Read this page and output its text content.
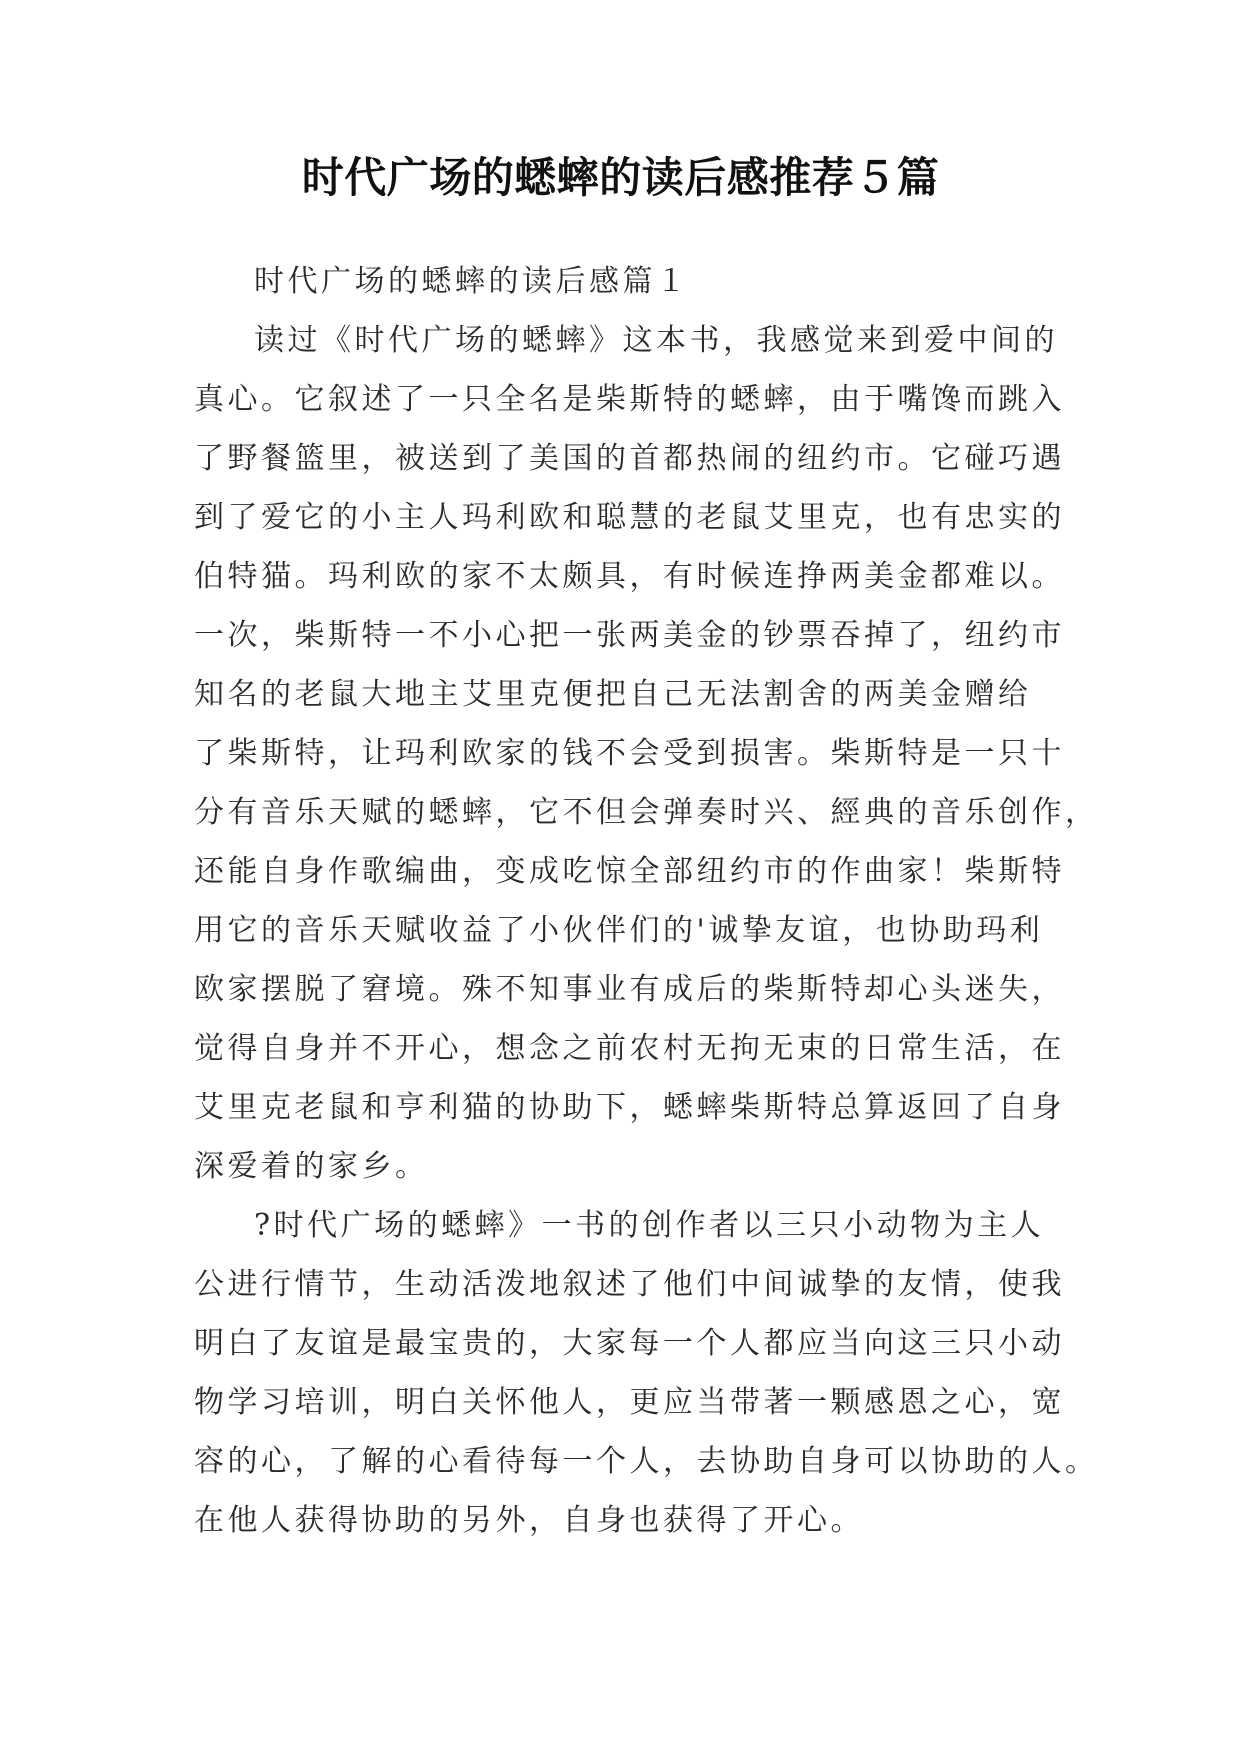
时代广场的蟋蟀的读后感推荐５篇
时代广场的蟋蟀的读后感篇１
读过《时代广场的蟋蟀》这本书，我感觉来到爱中间的
真心。它叙述了一只全名是柴斯特的蟋蟀，由于嘴馋而跳入
了野餐篮里，被送到了美国的首都热闹的纽约市。它碰巧遇
到了爱它的小主人玛利欧和聪慧的老鼠艾里克，也有忠实的
伯特猫。玛利欧的家不太颇具，有时候连挣两美金都难以。
一次，柴斯特一不小心把一张两美金的钞票吞掉了，纽约市
知名的老鼠大地主艾里克便把自己无法割舍的两美金赠给
了柴斯特，让玛利欧家的钱不会受到损害。柴斯特是一只十
分有音乐天赋的蟋蟀，它不但会弹奏时兴、經典的音乐创作，
还能自身作歌编曲，变成吃惊全部纽约市的作曲家！柴斯特
用它的音乐天赋收益了小伙伴们的'诚挚友谊，也协助玛利
欧家摆脱了窘境。殊不知事业有成后的柴斯特却心头迷失，
觉得自身并不开心，想念之前农村无拘无束的日常生活，在
艾里克老鼠和亨利猫的协助下，蟋蟀柴斯特总算返回了自身
深爱着的家乡。
?时代广场的蟋蟀》一书的创作者以三只小动物为主人
公进行情节，生动活泼地叙述了他们中间诚挚的友情，使我
明白了友谊是最宝贵的，大家每一个人都应当向这三只小动
物学习培训，明白关怀他人，更应当带著一颗感恩之心，宽
容的心，了解的心看待每一个人，去协助自身可以协助的人。
在他人获得协助的另外，自身也获得了开心。
